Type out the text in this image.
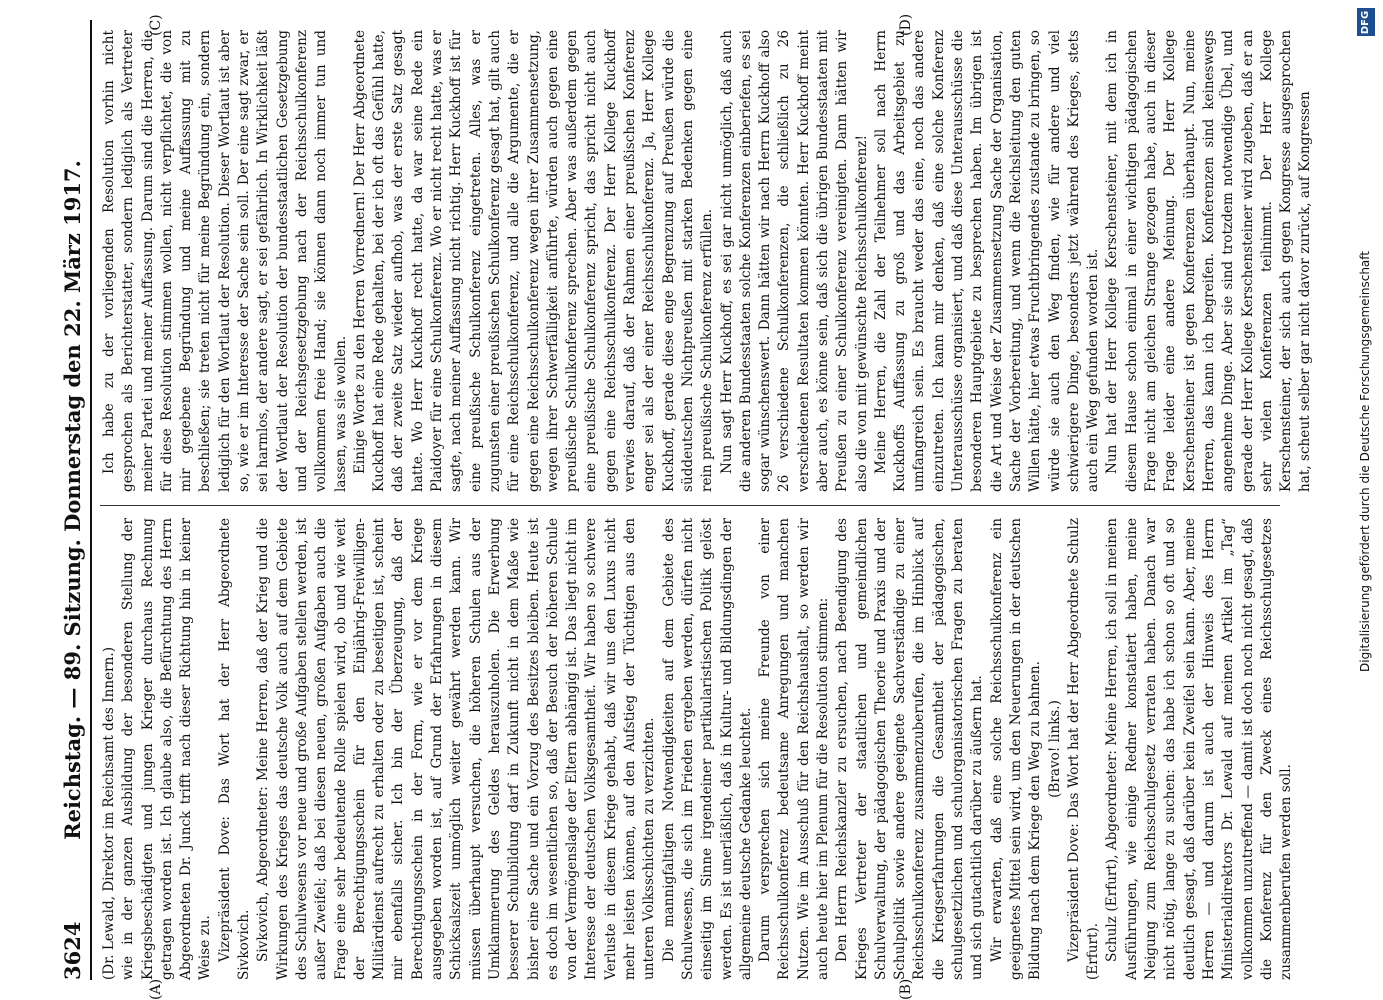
3624
Reichstag. — 89. Sitzung. Donnerstag den 22. März 1917.
(A)	(B)
(C)	(D)

(Dr. Lewald, Direktor im Reichsamt des Innern.) wie in der ganzen Ausbildung der besonderen Stellung der Kriegsbeschädigten und jungen Krieger durchaus Rechnung getragen worden ist. Ich glaube also, die Befürchtung des Herrn Abgeordneten Dr. Junck trifft nach dieser Richtung hin in keiner Weise zu. Vizepräsident Dove: Das Wort hat der Herr Abgeordnete Sivkovich. Sivkovich, Abgeordneter: Meine Herren, daß der Krieg und die Wirkungen des Krieges das deutsche Volk auch auf dem Gebiete des Schulwesens vor neue und große Aufgaben stellen werden, ist außer Zweifel; daß bei diesen neuen, großen Aufgaben auch die Frage eine sehr bedeutende Rolle spielen wird, ob und wie weit der Berechtigungsschein für den Einjährig-Freiwilligen-Militärdienst aufrecht zu erhalten oder zu beseitigen ist, scheint mir ebenfalls sicher. Ich bin der Überzeugung, daß der Berechtigungsschein in der Form, wie er vor dem Kriege ausgegeben worden ist, auf Grund der Erfahrungen in diesem Schicksalszeit unmöglich weiter gewährt werden kann. Wir müssen überhaupt versuchen, die höheren Schulen aus der Umklammerung des Geldes herauszuholen. Die Erwerbung besserer Schulbildung darf in Zukunft nicht in dem Maße wie bisher eine Sache und ein Vorzug des Besitzes bleiben. Heute ist es doch im wesentlichen so, daß der Besuch der höheren Schule von der Vermögenslage der Eltern abhängig ist. Das liegt nicht im Interesse der deutschen Volksgesamtheit. Wir haben so schwere Verluste in diesem Kriege gehabt, daß wir uns den Luxus nicht mehr leisten können, auf den Aufstieg der Tüchtigen aus den unteren Volksschichten zu verzichten. Die mannigfaltigen Notwendigkeiten auf dem Gebiete des Schulwesens, die sich im Frieden ergeben werden, dürfen nicht einseitig im Sinne irgendeiner partikularistischen Politik gelöst werden. Es ist unerläßlich, daß in Kultur- und Bildungsdingen der allgemeine deutsche Gedanke leuchtet. Darum versprechen sich meine Freunde von einer Reichsschulkonferenz bedeutsame Anregungen und manchen Nutzen. Wie im Ausschuß für den Reichshaushalt, so werden wir auch heute hier im Plenum für die Resolution stimmen: Den Herrn Reichskanzler zu ersuchen, nach Beendigung des Krieges Vertreter der staatlichen und gemeindlichen Schulverwaltung, der pädagogischen Theorie und Praxis und der Schulpolitik sowie andere geeignete Sachverständige zu einer Reichsschulkonferenz zusammenzuberufen, die im Hinblick auf die Kriegserfahrungen die Gesamtheit der pädagogischen, schulgesetzlichen und schulorganisatorischen Fragen zu beraten und sich gutachtlich darüber zu äußern hat. Wir erwarten, daß eine solche Reichsschulkonferenz ein geeignetes Mittel sein wird, um den Neuerungen in der deutschen Bildung nach dem Kriege den Weg zu bahnen. (Bravo! links.) Vizepräsident Dove: Das Wort hat der Herr Abgeordnete Schulz (Erfurt). Schulz (Erfurt), Abgeordneter: Meine Herren, ich soll in meinen Ausführungen, wie einige Redner konstatiert haben, meine Neigung zum Reichsschulgesetz verraten haben. Danach war nicht nötig, lange zu suchen: das habe ich schon so oft und so deutlich gesagt, daß darüber kein Zweifel sein kann. Aber, meine Herren — und darum ist auch der Hinweis des Herrn Ministerialdirektors Dr. Lewald auf meinen Artikel im „Tag“ vollkommen unzutreffend — damit ist doch noch nicht gesagt, daß die Konferenz für den Zweck eines Reichsschulgesetzes zusammenberufen werden soll.

Ich habe zu der vorliegenden Resolution vorhin nicht gesprochen als Berichterstatter, sondern lediglich als Vertreter meiner Partei und meiner Auffassung. Darum sind die Herren, die für diese Resolution stimmen wollen, nicht verpflichtet, die von mir gegebene Begründung und meine Auffassung mit zu beschließen; sie treten nicht für meine Begründung ein, sondern lediglich für den Wortlaut der Resolution. Dieser Wortlaut ist aber so, wie er im Interesse der Sache sein soll. Der eine sagt zwar, er sei harmlos, der andere sagt, er sei gefährlich. In Wirklichkeit läßt der Wortlaut der Resolution der bundesstaatlichen Gesetzgebung und der Reichsgesetzgebung nach der Reichsschulkonferenz vollkommen freie Hand; sie können dann noch immer tun und lassen, was sie wollen. Einige Worte zu den Herren Vorrednern! Der Herr Abgeordnete Kuckhoff hat eine Rede gehalten, bei der ich oft das Gefühl hatte, daß der zweite Satz wieder aufhob, was der erste Satz gesagt hatte. Wo Herr Kuckhoff recht hatte, da war seine Rede ein Plaidoyer für eine Schulkonferenz. Wo er nicht recht hatte, was er sagte, nach meiner Auffassung nicht richtig. Herr Kuckhoff ist für eine preußische Schulkonferenz eingetreten. Alles, was er zugunsten einer preußischen Schulkonferenz gesagt hat, gilt auch für eine Reichsschulkonferenz, und alle die Argumente, die er gegen eine Reichsschulkonferenz wegen ihrer Zusammensetzung, wegen ihrer Schwerfälligkeit anführte, würden auch gegen eine preußische Schulkonferenz sprechen. Aber was außerdem gegen eine preußische Schulkonferenz spricht, das spricht nicht auch gegen eine Reichsschulkonferenz. Der Herr Kollege Kuckhoff verwies darauf, daß der Rahmen einer preußischen Konferenz enger sei als der einer Reichsschulkonferenz. Ja, Herr Kollege Kuckhoff, gerade diese enge Begrenzung auf Preußen würde die süddeutschen Nichtpreußen mit starken Bedenken gegen eine rein preußische Schulkonferenz erfüllen. Nun sagt Herr Kuckhoff, es sei gar nicht unmöglich, daß auch die anderen Bundesstaaten solche Konferenzen einberiefen, es sei sogar wünschenswert. Dann hätten wir nach Herrn Kuckhoff also 26 verschiedene Schulkonferenzen, die schließlich zu 26 verschiedenen Resultaten kommen könnten. Herr Kuckhoff meint aber auch, es könne sein, daß sich die übrigen Bundesstaaten mit Preußen zu einer Schulkonferenz vereinigten. Dann hätten wir also die von mit gewünschte Reichsschulkonferenz! Meine Herren, die Zahl der Teilnehmer soll nach Herrn Kuckhoffs Auffassung zu groß und das Arbeitsgebiet zu umfangreich sein. Es braucht weder das eine, noch das andere einzutreten. Ich kann mir denken, daß eine solche Konferenz Unterausschüsse organisiert, und daß diese Unterausschüsse die besonderen Hauptgebiete zu besprechen haben. Im übrigen ist die Art und Weise der Zusammensetzung Sache der Organisation, Sache der Vorbereitung, und wenn die Reichsleitung den guten Willen hätte, hier etwas Fruchtbringendes zustande zu bringen, so würde sie auch den Weg finden, wie für andere und viel schwierigere Dinge, besonders jetzt während des Krieges, stets auch ein Weg gefunden worden ist. Nun hat der Herr Kollege Kerschensteiner, mit dem ich in diesem Hause schon einmal in einer wichtigen pädagogischen Frage nicht am gleichen Strange gezogen habe, auch in dieser Frage leider eine andere Meinung. Der Herr Kollege Kerschensteiner ist gegen Konferenzen überhaupt. Nun, meine Herren, das kann ich begreifen. Konferenzen sind keineswegs angenehme Dinge. Aber sie sind trotzdem notwendige Übel, und gerade der Herr Kollege Kerschensteiner wird zugeben, daß er an sehr vielen Konferenzen teilnimmt. Der Herr Kollege Kerschensteiner, der sich auch gegen Kongresse ausgesprochen hat, scheut selber gar nicht davor zurück, auf Kongressen	Digitalisierung gefördert durch die Deutsche Forschungsgemeinschaft
DFG
